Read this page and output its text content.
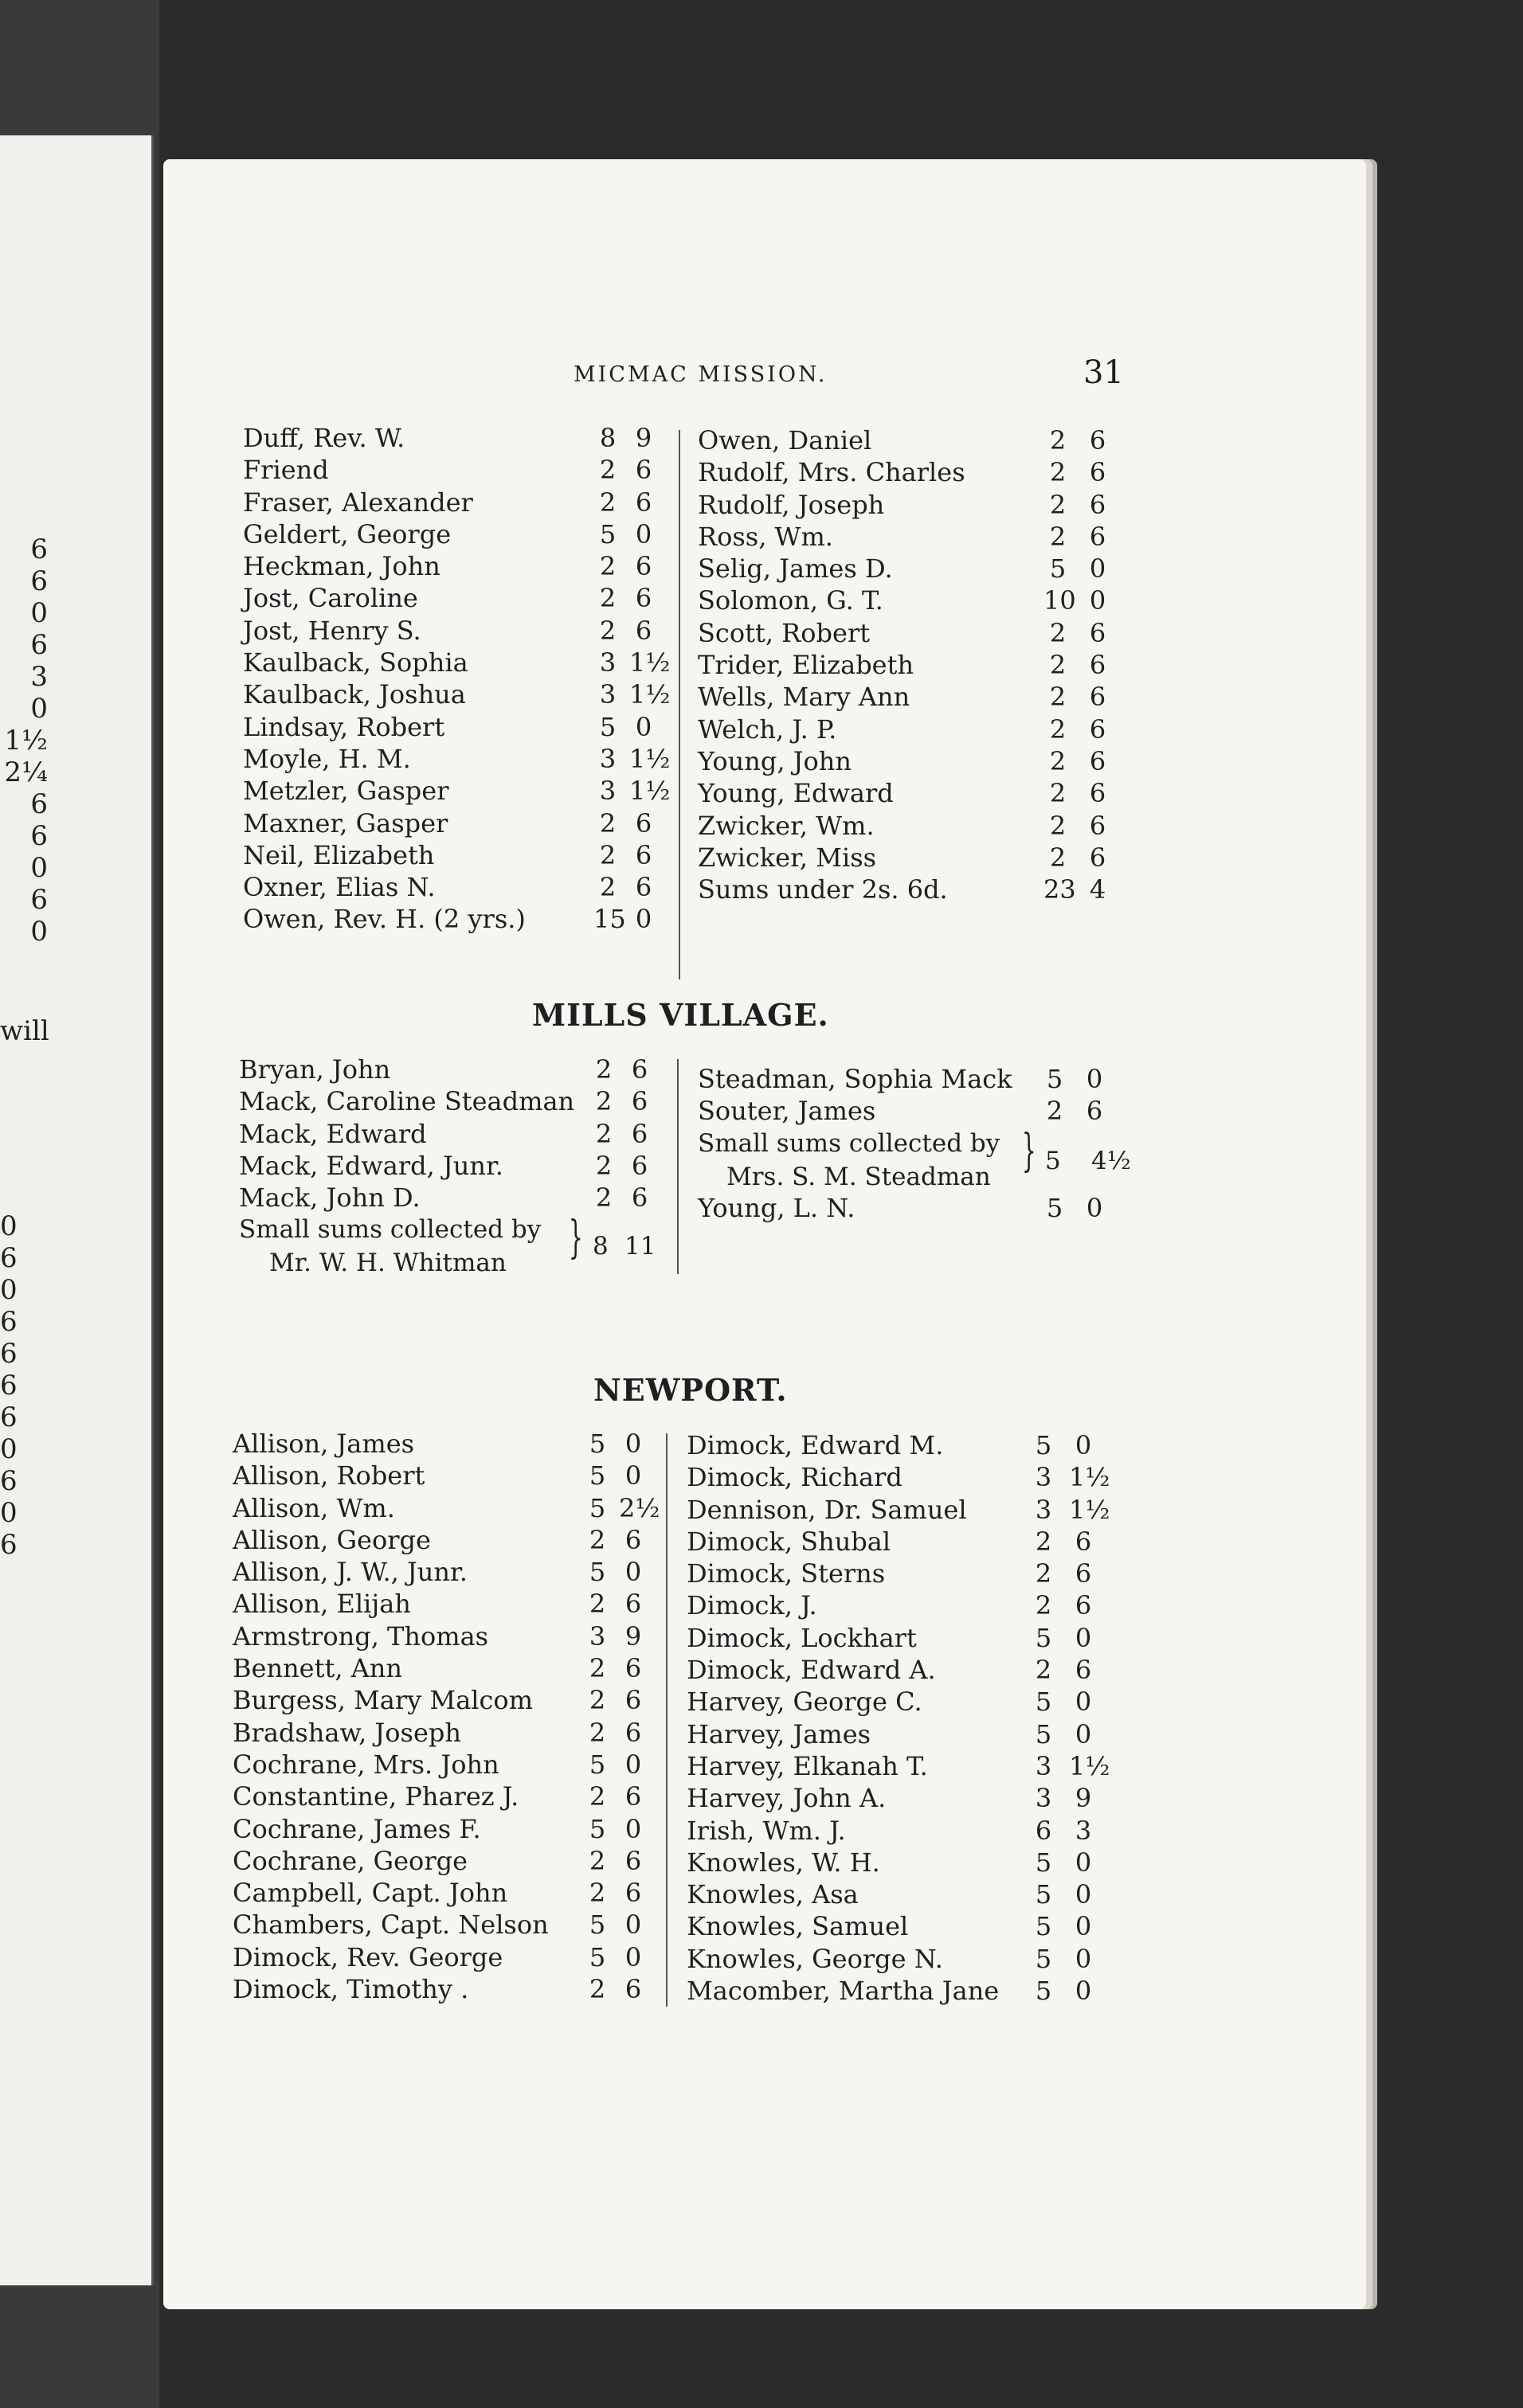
6
6
0
6
3
0
1½
2¼
6
6
0
6
0
will
0
6
0
6
6
6
6
0
6
0
6
MICMAC MISSION.	31
Duff, Rev. W.	8 9
Friend	2 6
Fraser, Alexander	2 6
Geldert, George	5 0
Heckman, John	2 6
Jost, Caroline	2 6
Jost, Henry S.	2 6
Kaulback, Sophia	3 1½
Kaulback, Joshua	3 1½
Lindsay, Robert	5 0
Moyle, H. M.	3 1½
Metzler, Gasper	3 1½
Maxner, Gasper	2 6
Neil, Elizabeth	2 6
Oxner, Elias N.	2 6
Owen, Rev. H. (2 yrs.)	15 0
Owen, Daniel	2 6
Rudolf, Mrs. Charles	2 6
Rudolf, Joseph	2 6
Ross, Wm.	2 6
Selig, James D.	5 0
Solomon, G. T.	10 0
Scott, Robert	2 6
Trider, Elizabeth	2 6
Wells, Mary Ann	2 6
Welch, J. P.	2 6
Young, John	2 6
Young, Edward	2 6
Zwicker, Wm.	2 6
Zwicker, Miss	2 6
Sums under 2s. 6d.	23 4
MILLS VILLAGE.
Bryan, John	2 6
Mack, Caroline Steadman 2 6
Mack, Edward	2 6
Mack, Edward, Junr.	2 6
Mack, John D.	2 6
Small sums collected by
Mr. W. H. Whitman } 8 11
Steadman, Sophia Mack 5 0
Souter, James	2 6
Small sums collected by
Mrs. S. M. Steadman } 5 4½
Young, L. N.	5 0
NEWPORT.
Allison, James	5 0
Allison, Robert	5 0
Allison, Wm.	5 2½
Allison, George	2 6
Allison, J. W., Junr.	5 0
Allison, Elijah	2 6
Armstrong, Thomas	3 9
Bennett, Ann	2 6
Burgess, Mary Malcom 2 6
Bradshaw, Joseph	2 6
Cochrane, Mrs. John	5 0
Constantine, Pharez J.	2 6
Cochrane, James F.	5 0
Cochrane, George	2 6
Campbell, Capt. John	2 6
Chambers, Capt. Nelson 5 0
Dimock, Rev. George	5 0
Dimock, Timothy .	2 6
Dimock, Edward M.	5 0
Dimock, Richard	3 1½
Dennison, Dr. Samuel	3 1½
Dimock, Shubal	2 6
Dimock, Sterns	2 6
Dimock, J.	2 6
Dimock, Lockhart	5 0
Dimock, Edward A.	2 6
Harvey, George C.	5 0
Harvey, James	5 0
Harvey, Elkanah T.	3 1½
Harvey, John A.	3 9
Irish, Wm. J.	6 3
Knowles, W. H.	5 0
Knowles, Asa	5 0
Knowles, Samuel	5 0
Knowles, George N.	5 0
Macomber, Martha Jane 5 0
